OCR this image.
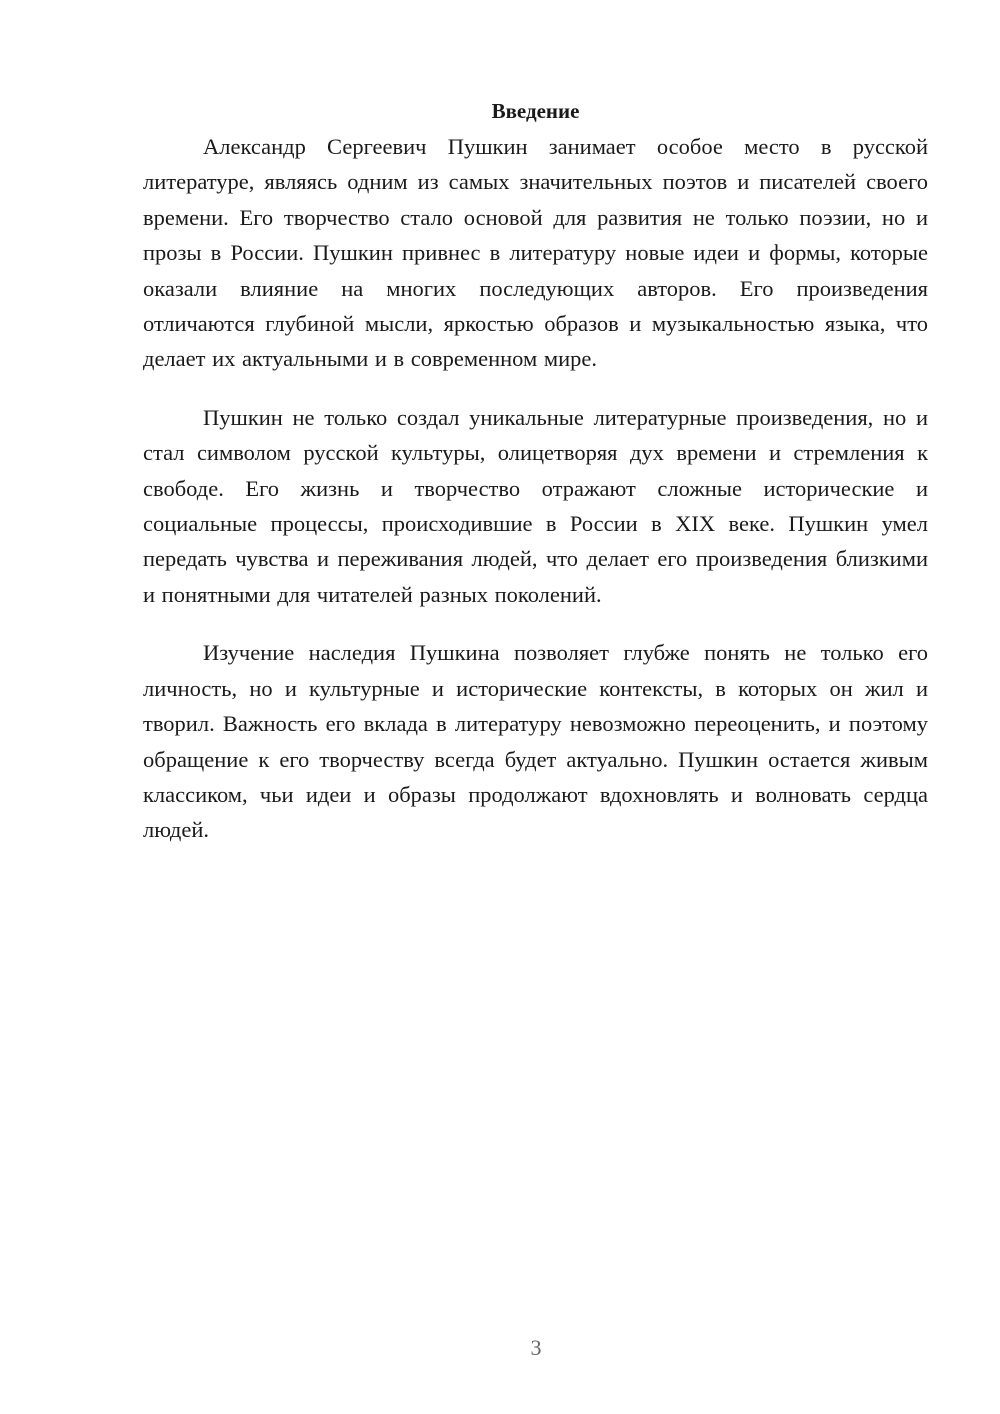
Введение

Александр Сергеевич Пушкин занимает особое место в русской литературе, являясь одним из самых значительных поэтов и писателей своего времени. Его творчество стало основой для развития не только поэзии, но и прозы в России. Пушкин привнес в литературу новые идеи и формы, которые оказали влияние на многих последующих авторов. Его произведения отличаются глубиной мысли, яркостью образов и музыкальностью языка, что делает их актуальными и в современном мире.

Пушкин не только создал уникальные литературные произведения, но и стал символом русской культуры, олицетворяя дух времени и стремления к свободе. Его жизнь и творчество отражают сложные исторические и социальные процессы, происходившие в России в XIX веке. Пушкин умел передать чувства и переживания людей, что делает его произведения близкими и понятными для читателей разных поколений.

Изучение наследия Пушкина позволяет глубже понять не только его личность, но и культурные и исторические контексты, в которых он жил и творил. Важность его вклада в литературу невозможно переоценить, и поэтому обращение к его творчеству всегда будет актуально. Пушкин остается живым классиком, чьи идеи и образы продолжают вдохновлять и волновать сердца людей.

3
